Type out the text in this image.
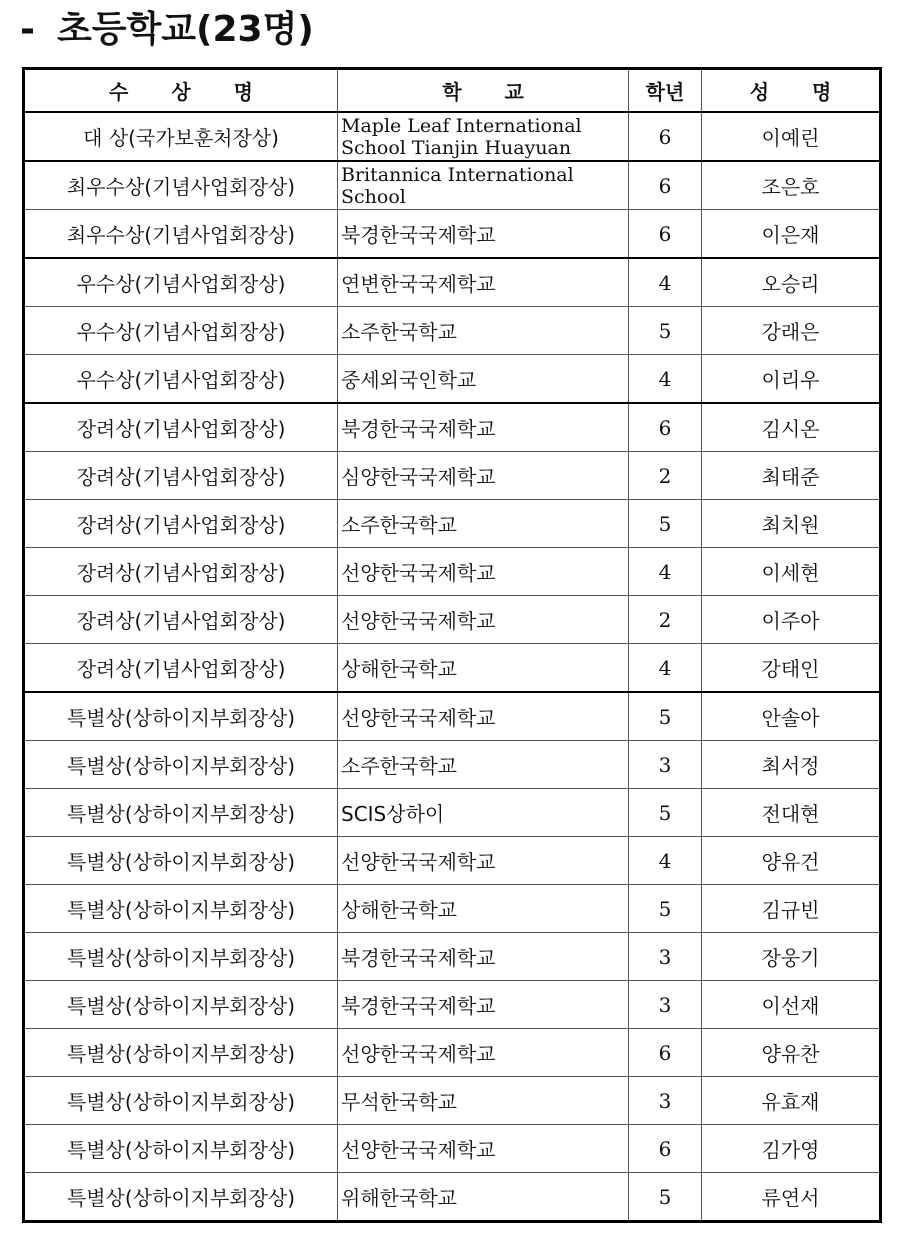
- 초등학교(23명)
수 상 명	학 교	학년	성 명
대 상(국가보훈처장상)	Maple Leaf International School Tianjin Huayuan	6	이예린
최우수상(기념사업회장상)	Britannica International School	6	조은호
최우수상(기념사업회장상)	북경한국국제학교	6	이은재
우수상(기념사업회장상)	연변한국국제학교	4	오승리
우수상(기념사업회장상)	소주한국학교	5	강래은
우수상(기념사업회장상)	중세외국인학교	4	이리우
장려상(기념사업회장상)	북경한국국제학교	6	김시온
장려상(기념사업회장상)	심양한국국제학교	2	최태준
장려상(기념사업회장상)	소주한국학교	5	최치원
장려상(기념사업회장상)	선양한국국제학교	4	이세현
장려상(기념사업회장상)	선양한국국제학교	2	이주아
장려상(기념사업회장상)	상해한국학교	4	강태인
특별상(상하이지부회장상)	선양한국국제학교	5	안솔아
특별상(상하이지부회장상)	소주한국학교	3	최서정
특별상(상하이지부회장상)	SCIS상하이	5	전대현
특별상(상하이지부회장상)	선양한국국제학교	4	양유건
특별상(상하이지부회장상)	상해한국학교	5	김규빈
특별상(상하이지부회장상)	북경한국국제학교	3	장웅기
특별상(상하이지부회장상)	북경한국국제학교	3	이선재
특별상(상하이지부회장상)	선양한국국제학교	6	양유찬
특별상(상하이지부회장상)	무석한국학교	3	유효재
특별상(상하이지부회장상)	선양한국국제학교	6	김가영
특별상(상하이지부회장상)	위해한국학교	5	류연서
